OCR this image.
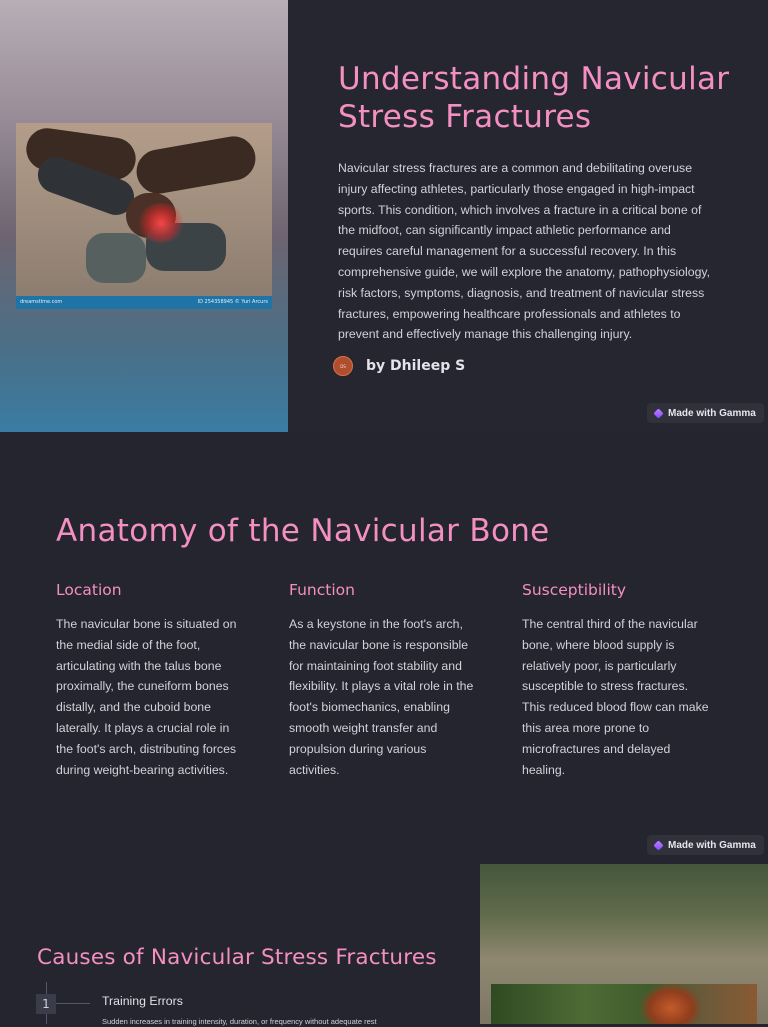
dreamstime.com	ID 254358945 © Yuri Arcurs
Understanding Navicular Stress Fractures

Navicular stress fractures are a common and debilitating overuse injury affecting athletes, particularly those engaged in high-impact sports. This condition, which involves a fracture in a critical bone of the midfoot, can significantly impact athletic performance and requires careful management for a successful recovery. In this comprehensive guide, we will explore the anatomy, pathophysiology, risk factors, symptoms, diagnosis, and treatment of navicular stress fractures, empowering healthcare professionals and athletes to prevent and effectively manage this challenging injury.

DS	by Dhileep S
Made with Gamma
Anatomy of the Navicular Bone
Location

The navicular bone is situated on the medial side of the foot, articulating with the talus bone proximally, the cuneiform bones distally, and the cuboid bone laterally. It plays a crucial role in the foot's arch, distributing forces during weight-bearing activities.

Function

As a keystone in the foot's arch, the navicular bone is responsible for maintaining foot stability and flexibility. It plays a vital role in the foot's biomechanics, enabling smooth weight transfer and propulsion during various activities.

Susceptibility

The central third of the navicular bone, where blood supply is relatively poor, is particularly susceptible to stress fractures. This reduced blood flow can make this area more prone to microfractures and delayed healing.

Made with Gamma
Causes of Navicular Stress Fractures
1	Training Errors
Sudden increases in training intensity, duration, or frequency without adequate rest
